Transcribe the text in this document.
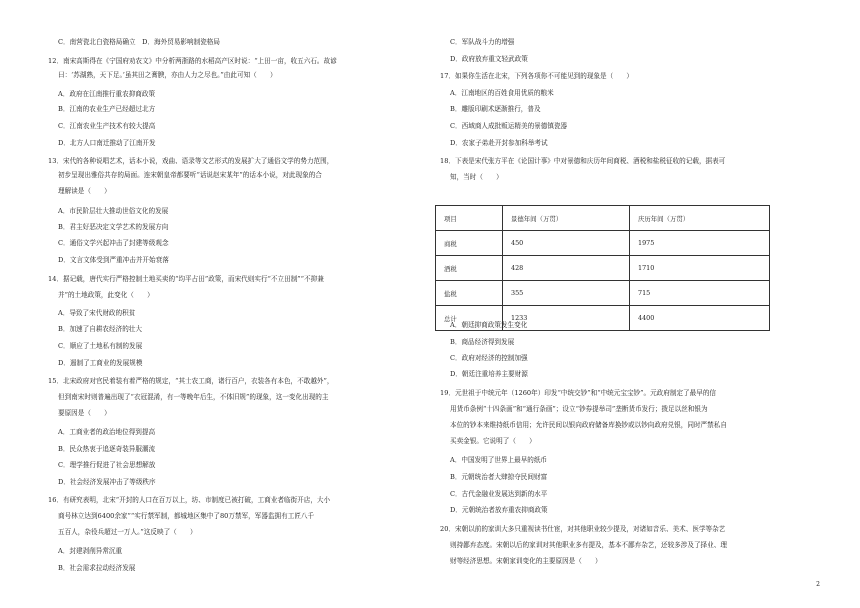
C．南营瓷北白瓷格局确立　D．海外贸易影响制瓷格局
12．南宋高斯得在《宁国府劝农文》中分析两浙路的水稻高产区时说：“上田一亩，收五六石。故谚
曰：‘苏湖熟，天下足。’虽其田之膏腴，亦由人力之尽也。”由此可知（　　）
A．政府在江南推行重农抑商政策
B．江南的农业生产已经超过北方
C．江南农业生产技术有较大提高
D．北方人口南迁推动了江南开发
13．宋代的各种说唱艺术，话本小说，戏曲、语录等文艺形式的发展扩大了通俗文学的势力范围，
初步呈现出雅俗共存的局面。连宋朝皇帝都要听“话说赵宋某年”的话本小说，对此现象的合
理解读是（　　）
A．市民阶层壮大推动世俗文化的发展
B．君主好恶决定文学艺术的发展方向
C．通俗文学兴起冲击了封建等级观念
D．文言文体受到严重冲击并开始衰落
14．据记载，唐代实行严格控制土地买卖的“均平占田”政策，而宋代则实行“不立田制”“不抑兼
并”的土地政策，此变化（　　）
A．导致了宋代财政的积贫
B．加速了自耕农经济的壮大
C．顺应了土地私有制的发展
D．遏制了工商业的发展规模
15．北宋政府对官民着装有着严格的规定，“其士农工商，诸行百户，衣装各有本色，不敢越外”，
但到南宋时则普遍出现了“衣冠混淆，有一等晚年后生，不体旧规”的现象，这一变化出现的主
要原因是（　　）
A．工商业者的政治地位得到提高
B．民众热衷于追逐奇装异服潮流
C．理学推行促进了社会思想解放
D．社会经济发展冲击了等级秩序
16．有研究表明，北宋“开封的人口在百万以上，坊、市制度已被打破，工商业者临街开店，大小
商号林立达到6400余家”“实行禁军制，都城地区集中了80万禁军，军器监拥有工匠八千
五百人，杂役兵超过一万人。”这反映了（　　）
A．封建剥削异常沉重
B．社会需求拉动经济发展
项目	景德年间（万贯）	庆历年间（万贯）
商税	450	1975
酒税	428	1710
盐税	355	715
总计	1233	4400
C．军队战斗力的增强
D．政府放弃重文轻武政策
17．如果你生活在北宋，下列各项你不可能见到的现象是（　　）
A．江南地区的百姓食用优质的粮米
B．雕版印刷术逐渐推行，普及
C．西域商人成批贩运精美的景德镇瓷器
D．农家子弟赴开封参加科举考试
18．下表是宋代张方平在《论国计事》中对景德和庆历年间商税、酒税和盐税征收的记载，据表可
知，当时（　　）
A．朝廷抑商政策发生变化
B．商品经济得到发展
C．政府对经济的控制加强
D．朝廷注重培养主要财源
19．元世祖于中统元年（1260年）印发“中统交钞”和“中统元宝宝钞”。元政府制定了最早的信
用货币条例“十四条画”和“通行条画”；设立“钞券提举司”垄断货币发行；拨足以丝和银为
本位的钞本来维持纸币信用；允许民间以银向政府储备库换钞或以钞向政府兑银，同时严禁私自
买卖金银。它说明了（　　）
A．中国发明了世界上最早的纸币
B．元朝统治者大肆掠夺民间财富
C．古代金融业发展达到新的水平
D．元朝统治者放弃重农抑商政策
20．宋朝以前的家训大多只重视读书仕宦，对其他职业较少提及，对诸如音乐、美术、医学等杂艺
则持鄙弃态度。宋朝以后的家训对其他职业多有提及，基本不鄙弃杂艺，还较多涉及了择业、理
财等经济思想。宋朝家训变化的主要原因是（　　）
2
